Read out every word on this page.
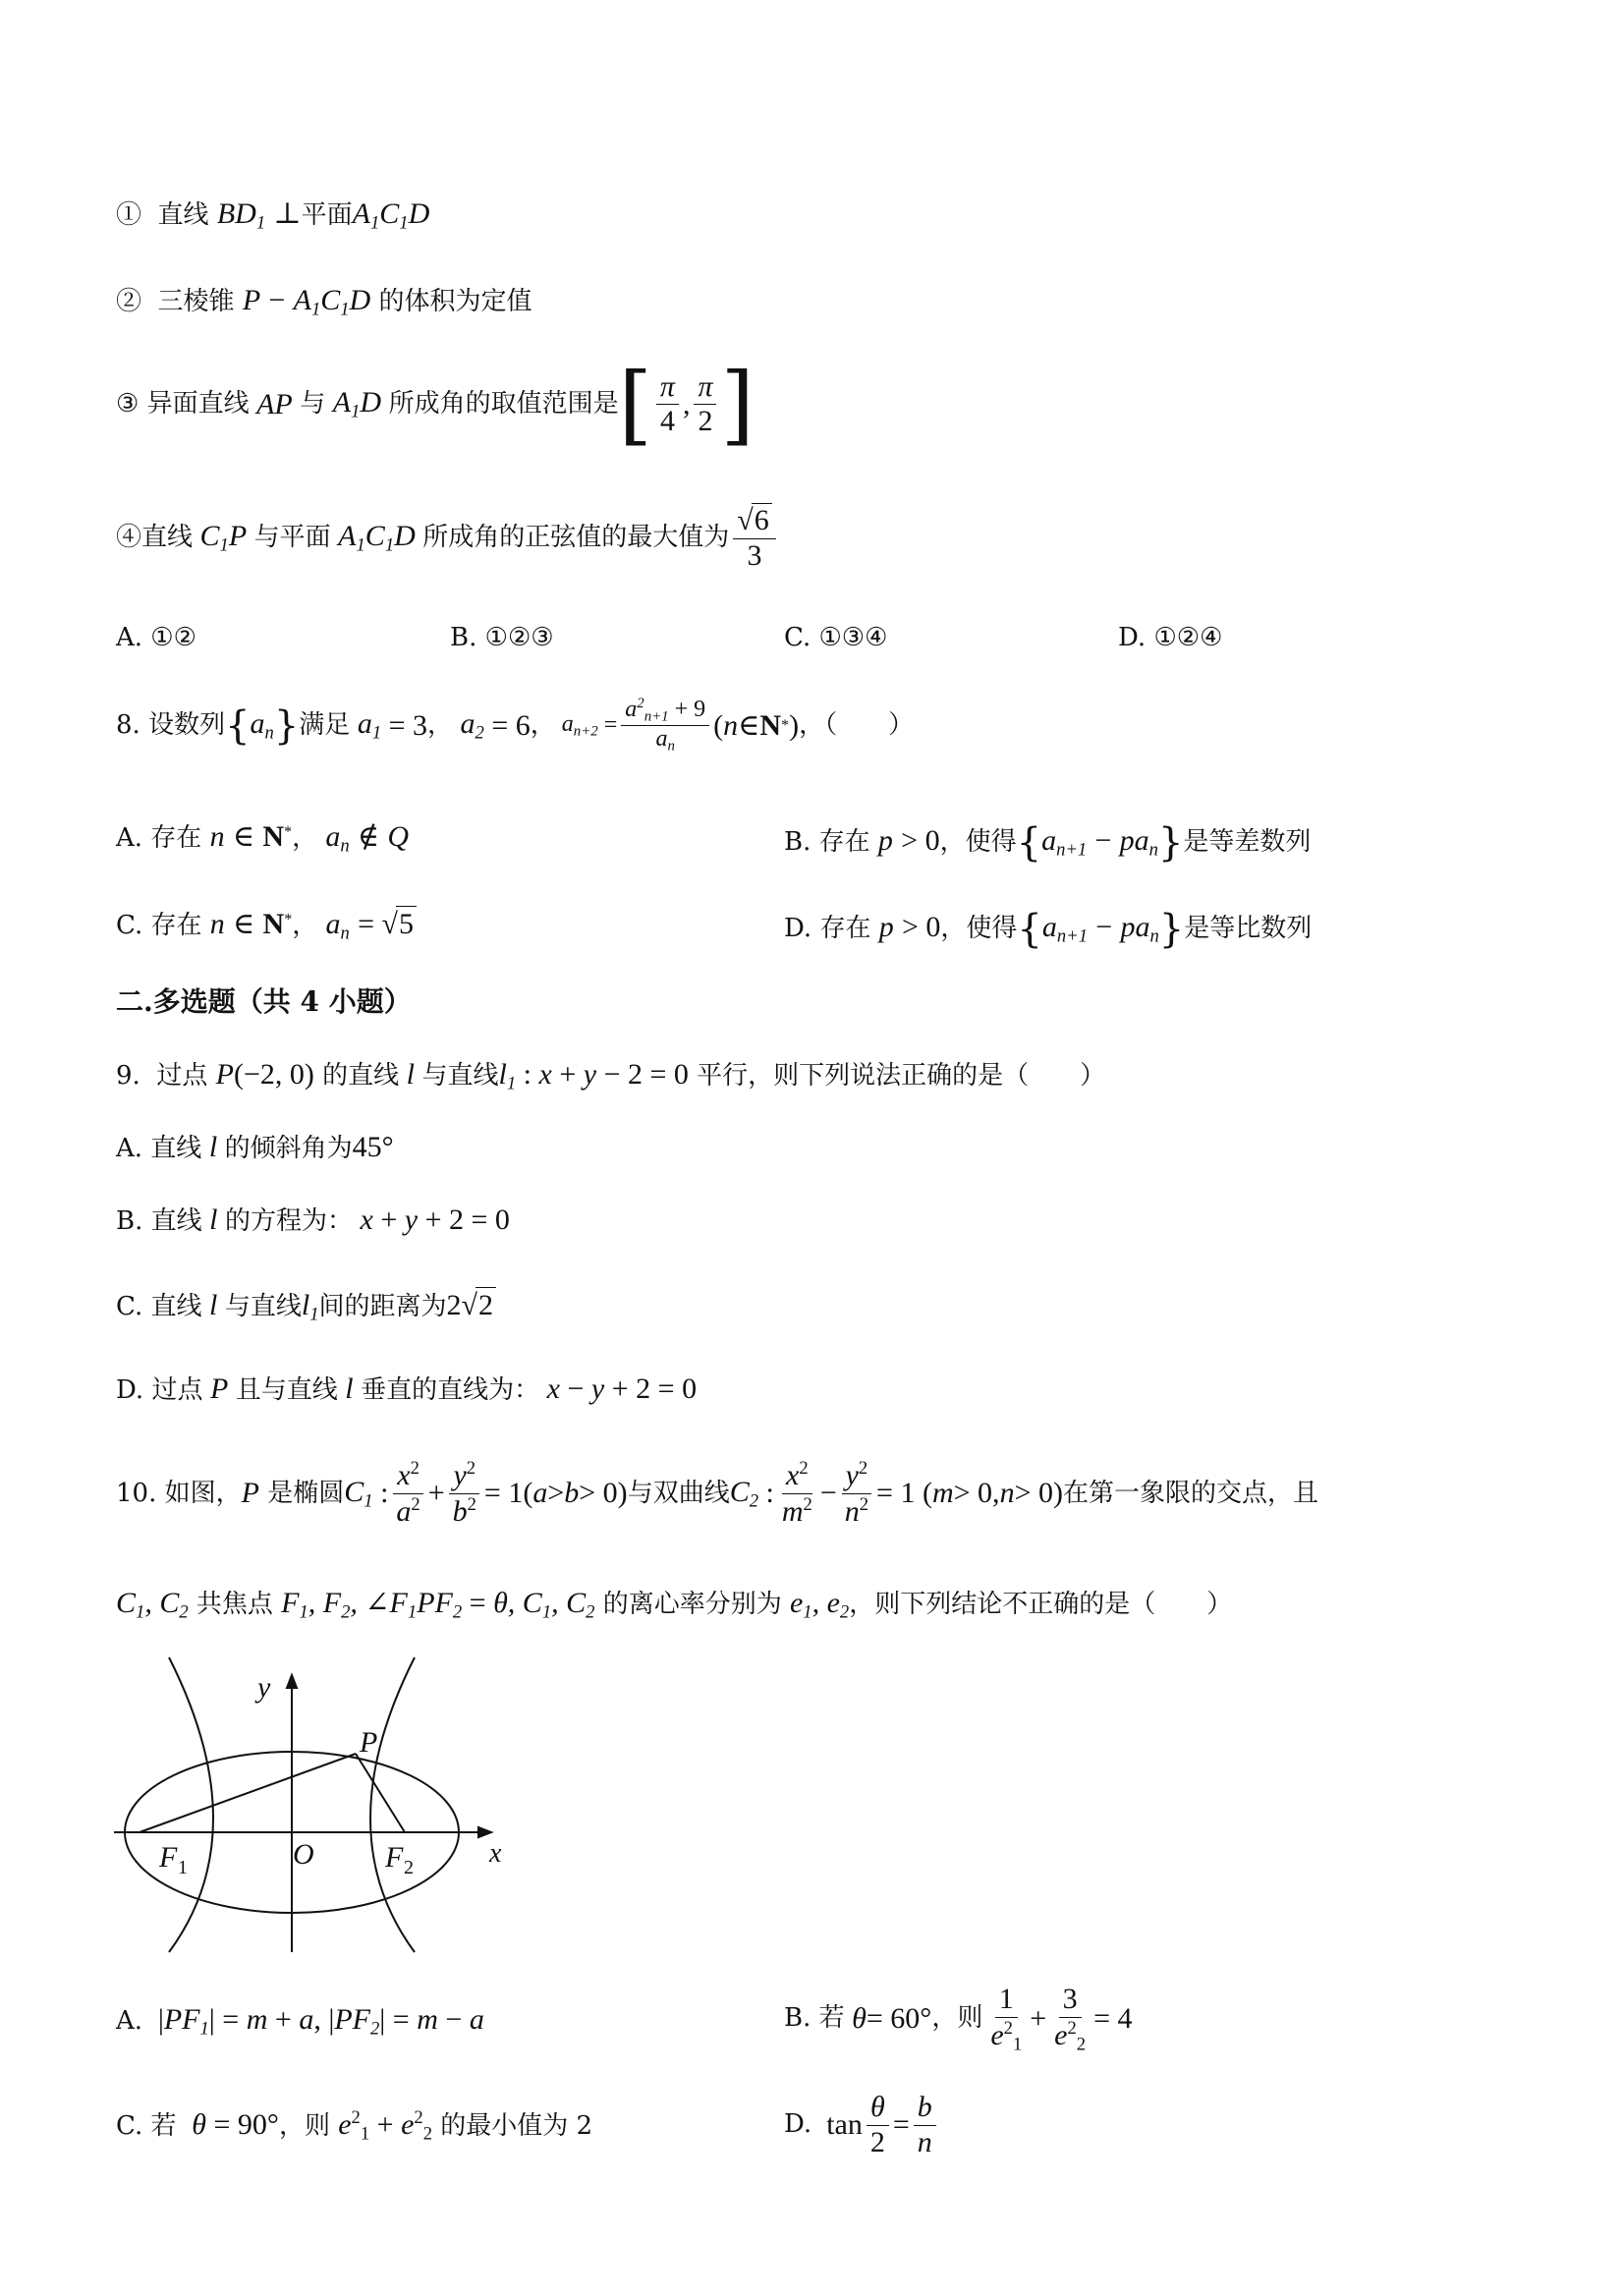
① 直线 $BD_1$ ⊥平面$A_1C_1D$
② 三棱锥 $P - A_1C_1D$ 的体积为定值
③
异面直线 AP 与 $A_1D$ 所成角的取值范围是 [ $\frac{\pi}{4}$ , $\frac{\pi}{2}$ ]
④直线 $C_1P$ 与平面 $A_1C_1D$ 所成角的正弦值的最大值为 $\frac{√6}{3}$
A. ①②	B. ①②③	C. ①③④	D. ①②④
8.
设数列 { $a_n$ } 满足 $a_1 = 3$ ， $a_2 = 6$ ， $a_{n+2} = \frac{a^2_{n+1} + 9}{a_n}$ ( n ∈ N * ) ，（　　）
A. 存在 n ∈ N*， $a_n$ ∉ Q	B. 存在 p > 0，使得$\{a_{n+1} - pa_n\}$是等差数列
C. 存在 n ∈ N*， $a_n = √5$	D. 存在 p > 0，使得$\{a_{n+1} - pa_n\}$是等比数列
二.多选题（共 4 小题）
9. 过点 P(−2, 0) 的直线 l 与直线$l_1$ : x + y − 2 = 0 平行，则下列说法正确的是（　　）
A. 直线 l 的倾斜角为45°
B. 直线 l 的方程为： x + y + 2 = 0
C. 直线 l 与直线$l_1$间的距离为2√2
D. 过点 P 且与直线 l 垂直的直线为： x − y + 2 = 0
10.
如图， P
是椭圆 $C_1$ : $\frac{x^2}{a^2} + \frac{y^2}{b^2} = 1$( a > b > 0) 与双曲线 $C_2$ : $\frac{x^2}{m^2} - \frac{y^2}{n^2} = 1$ ( m > 0, n > 0) 在第一象限的交点，且
$C_1$, $C_2$ 共焦点 $F_1$, $F_2$, $\angle F_1PF_2 = \theta$, $C_1$, $C_2$ 的离心率分别为 $e_1$, $e_2$，则下列结论不正确的是（　　）
y
P
x
O
F 1	F 2
A.  $|PF_1| = m + a$, $|PF_2| = m - a$	B. 若 θ = 60° ，则 $\frac{1}{e^2_1} + \frac{3}{e^2_2} = 4$
C. 若  θ = 90°，则 $e^2_1 + e^2_2$ 的最小值为 2	D. $\tan \frac{\theta}{2} = \frac{b}{n}$
